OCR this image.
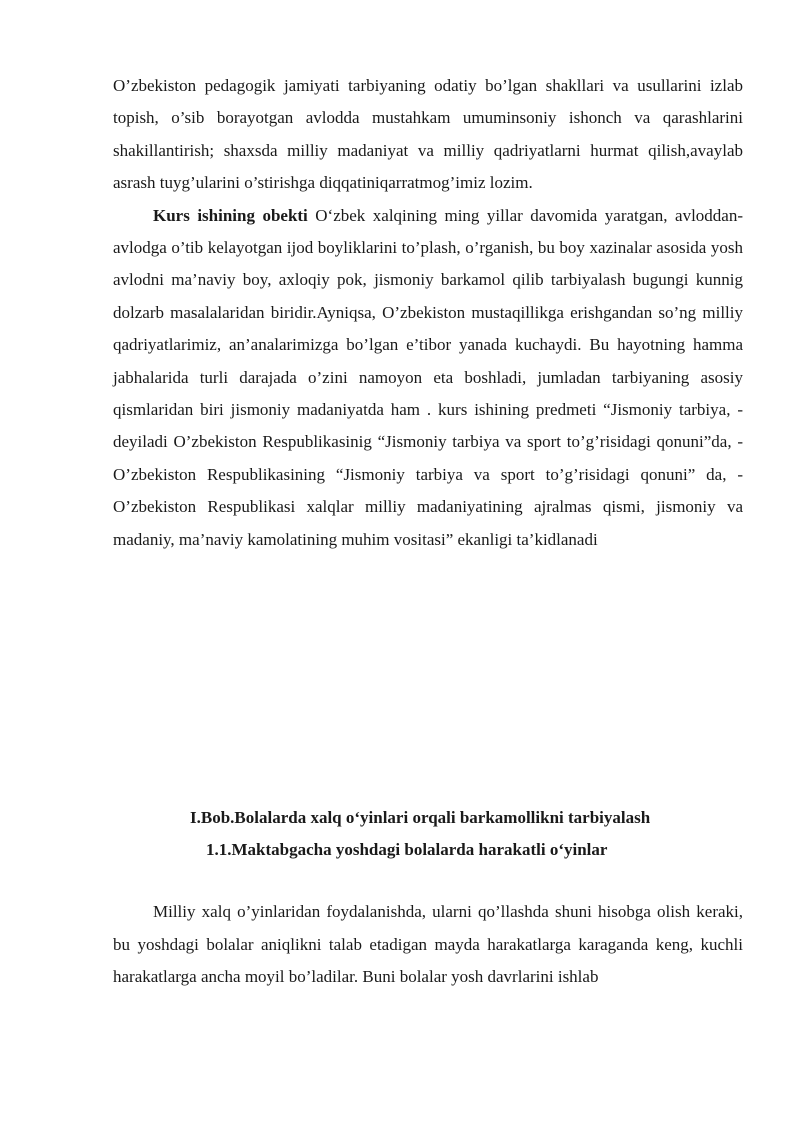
O’zbekiston pedagogik jamiyati tarbiyaning odatiy bo’lgan shakllari va usullarini izlab topish, o’sib borayotgan avlodda mustahkam umuminsoniy ishonch va qarashlarini shakillantirish; shaxsda milliy madaniyat va milliy qadriyatlarni hurmat qilish,avaylab asrash tuyg’ularini o’stirishga diqqatiniqarratmog’imiz lozim.

Kurs ishining obekti O‘zbek xalqining ming yillar davomida yaratgan, avloddan-avlodga o’tib kelayotgan ijod boyliklarini to’plash, o’rganish, bu boy xazinalar asosida yosh avlodni ma’naviy boy, axloqiy pok, jismoniy barkamol qilib tarbiyalash bugungi kunnig dolzarb masalalaridan biridir.Ayniqsa, O’zbekiston mustaqillikga erishgandan so’ng milliy qadriyatlarimiz, an’analarimizga bo’lgan e’tibor yanada kuchaydi. Bu hayotning hamma jabhalarida turli darajada o’zini namoyon eta boshladi, jumladan tarbiyaning asosiy qismlaridan biri jismoniy madaniyatda ham . kurs ishining predmeti “Jismoniy tarbiya, - deyiladi O’zbekiston Respublikasinig “Jismoniy tarbiya va sport to’g’risidagi qonuni”da, - O’zbekiston Respublikasining “Jismoniy tarbiya va sport to’g’risidagi qonuni” da, - O’zbekiston Respublikasi xalqlar milliy madaniyatining ajralmas qismi, jismoniy va madaniy, ma’naviy kamolatining muhim vositasi” ekanligi ta’kidlanadi

I.Bob.Bolalarda xalq o‘yinlari orqali barkamollikni tarbiyalash

1.1.Maktabgacha yoshdagi bolalarda harakatli o‘yinlar

Milliy xalq o’yinlaridan foydalanishda, ularni qo’llashda shuni hisobga olish keraki, bu yoshdagi bolalar aniqlikni talab etadigan mayda harakatlarga karaganda keng, kuchli harakatlarga ancha moyil bo’ladilar. Buni bolalar yosh davrlarini ishlab
